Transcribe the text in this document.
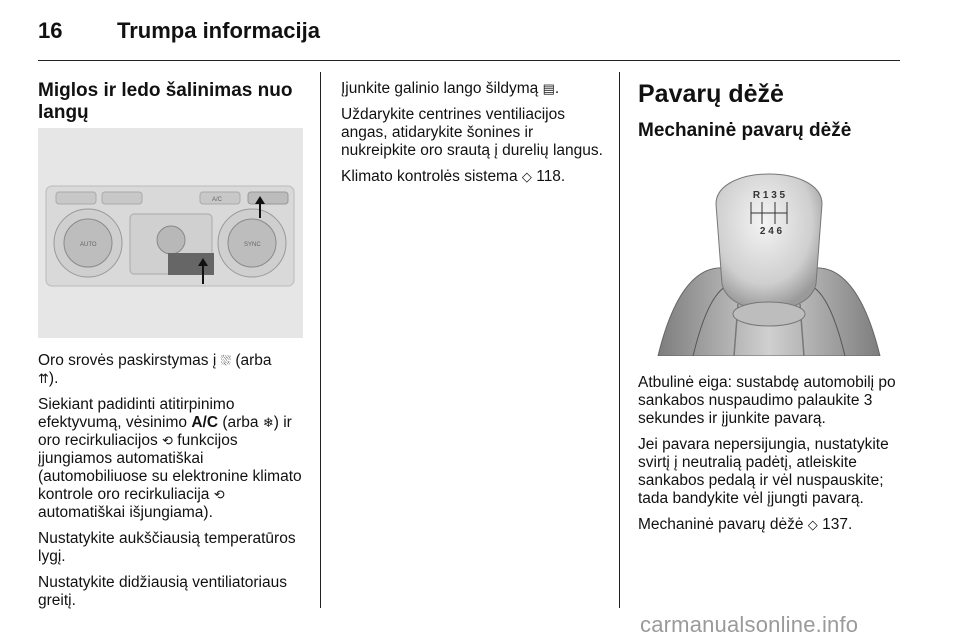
16 Trumpa informacija
Miglos ir ledo šalinimas nuo langų
AUTO	SYNC
A/C

Oro srovės paskirstymas į ⛆ (arba
⇈).

Siekiant padidinti atitirpinimo efektyvumą, vėsinimo A/C (arba ❄) ir oro recirkuliacijos ⟲ funkcijos įjungiamos automatiškai (automobiliuose su elektronine klimato kontrole oro recirkuliacija ⟲ automatiškai išjungiama).

Nustatykite aukščiausią temperatūros lygį.

Nustatykite didžiausią ventiliatoriaus greitį.

Įjunkite galinio lango šildymą ▤.

Uždarykite centrines ventiliacijos angas, atidarykite šonines ir nukreipkite oro srautą į durelių langus.

Klimato kontrolės sistema ◇ 118.

Pavarų dėžė
Mechaninė pavarų dėžė
R 1 3 5
2 4 6

Atbulinė eiga: sustabdę automobilį po sankabos nuspaudimo palaukite 3 sekundes ir įjunkite pavarą.

Jei pavara nepersijungia, nustatykite svirtį į neutralią padėtį, atleiskite sankabos pedalą ir vėl nuspauskite; tada bandykite vėl įjungti pavarą.

Mechaninė pavarų dėžė ◇ 137.

carmanualsonline.info
